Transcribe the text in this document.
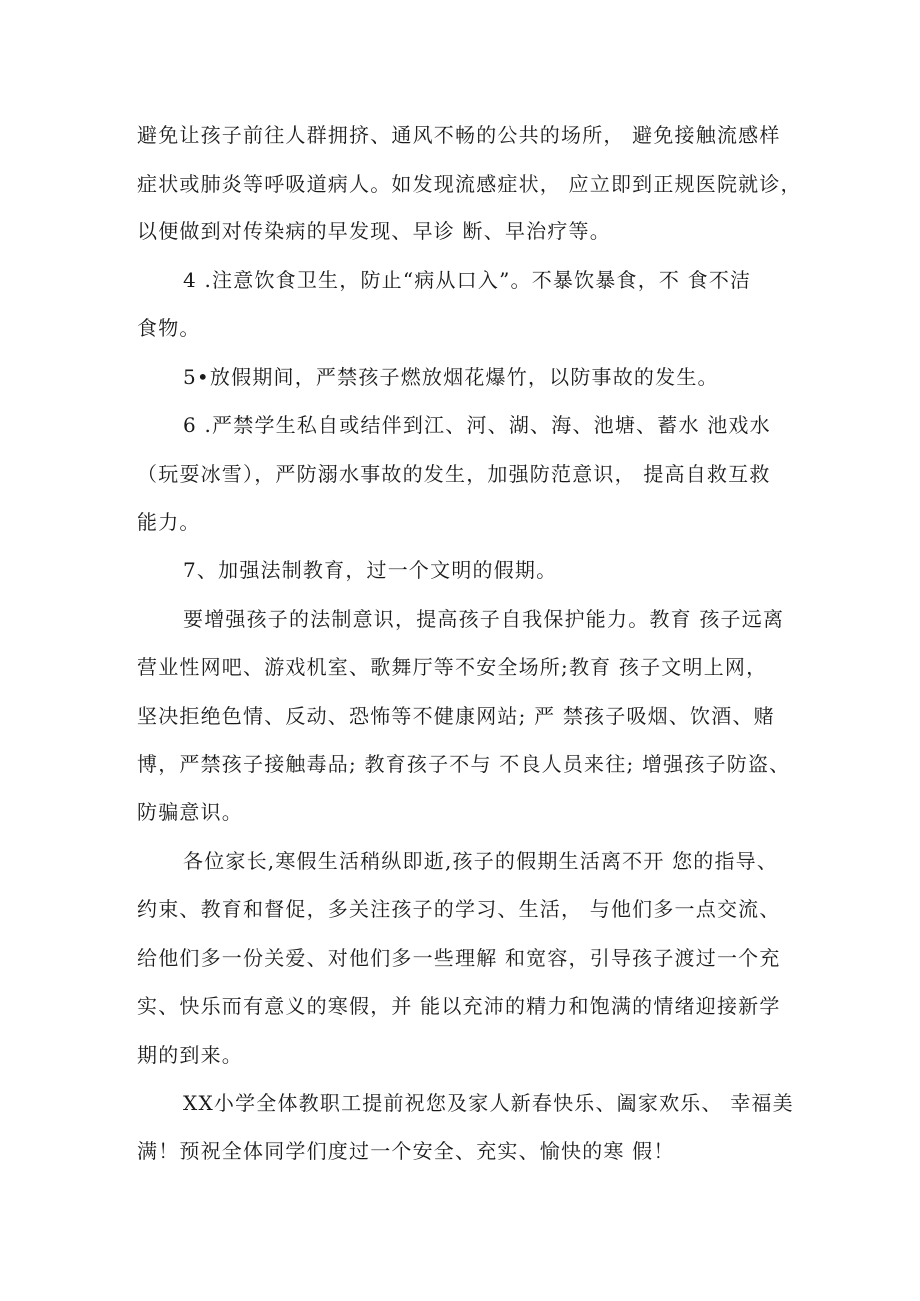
避免让孩子前往人群拥挤、通风不畅的公共的场所， 避免接触流感样
症状或肺炎等呼吸道病人。如发现流感症状， 应立即到正规医院就诊，
以便做到对传染病的早发现、早诊 断、早治疗等。
4 .注意饮食卫生，防止“病从口入”。不暴饮暴食，不 食不洁
食物。
5•放假期间，严禁孩子燃放烟花爆竹，以防事故的发生。
6 .严禁学生私自或结伴到江、河、湖、海、池塘、蓄水 池戏水
（玩耍冰雪），严防溺水事故的发生，加强防范意识， 提高自救互救
能力。
7、加强法制教育，过一个文明的假期。
要增强孩子的法制意识，提高孩子自我保护能力。教育 孩子远离
营业性网吧、游戏机室、歌舞厅等不安全场所;教育 孩子文明上网，
坚决拒绝色情、反动、恐怖等不健康网站; 严 禁孩子吸烟、饮酒、赌
博，严禁孩子接触毒品; 教育孩子不与 不良人员来往; 增强孩子防盗、
防骗意识。
各位家长,寒假生活稍纵即逝,孩子的假期生活离不开 您的指导、
约束、教育和督促，多关注孩子的学习、生活， 与他们多一点交流、
给他们多一份关爱、对他们多一些理解 和宽容，引导孩子渡过一个充
实、快乐而有意义的寒假，并 能以充沛的精力和饱满的情绪迎接新学
期的到来。
XX小学全体教职工提前祝您及家人新春快乐、阖家欢乐、 幸福美
满！预祝全体同学们度过一个安全、充实、愉快的寒 假！
